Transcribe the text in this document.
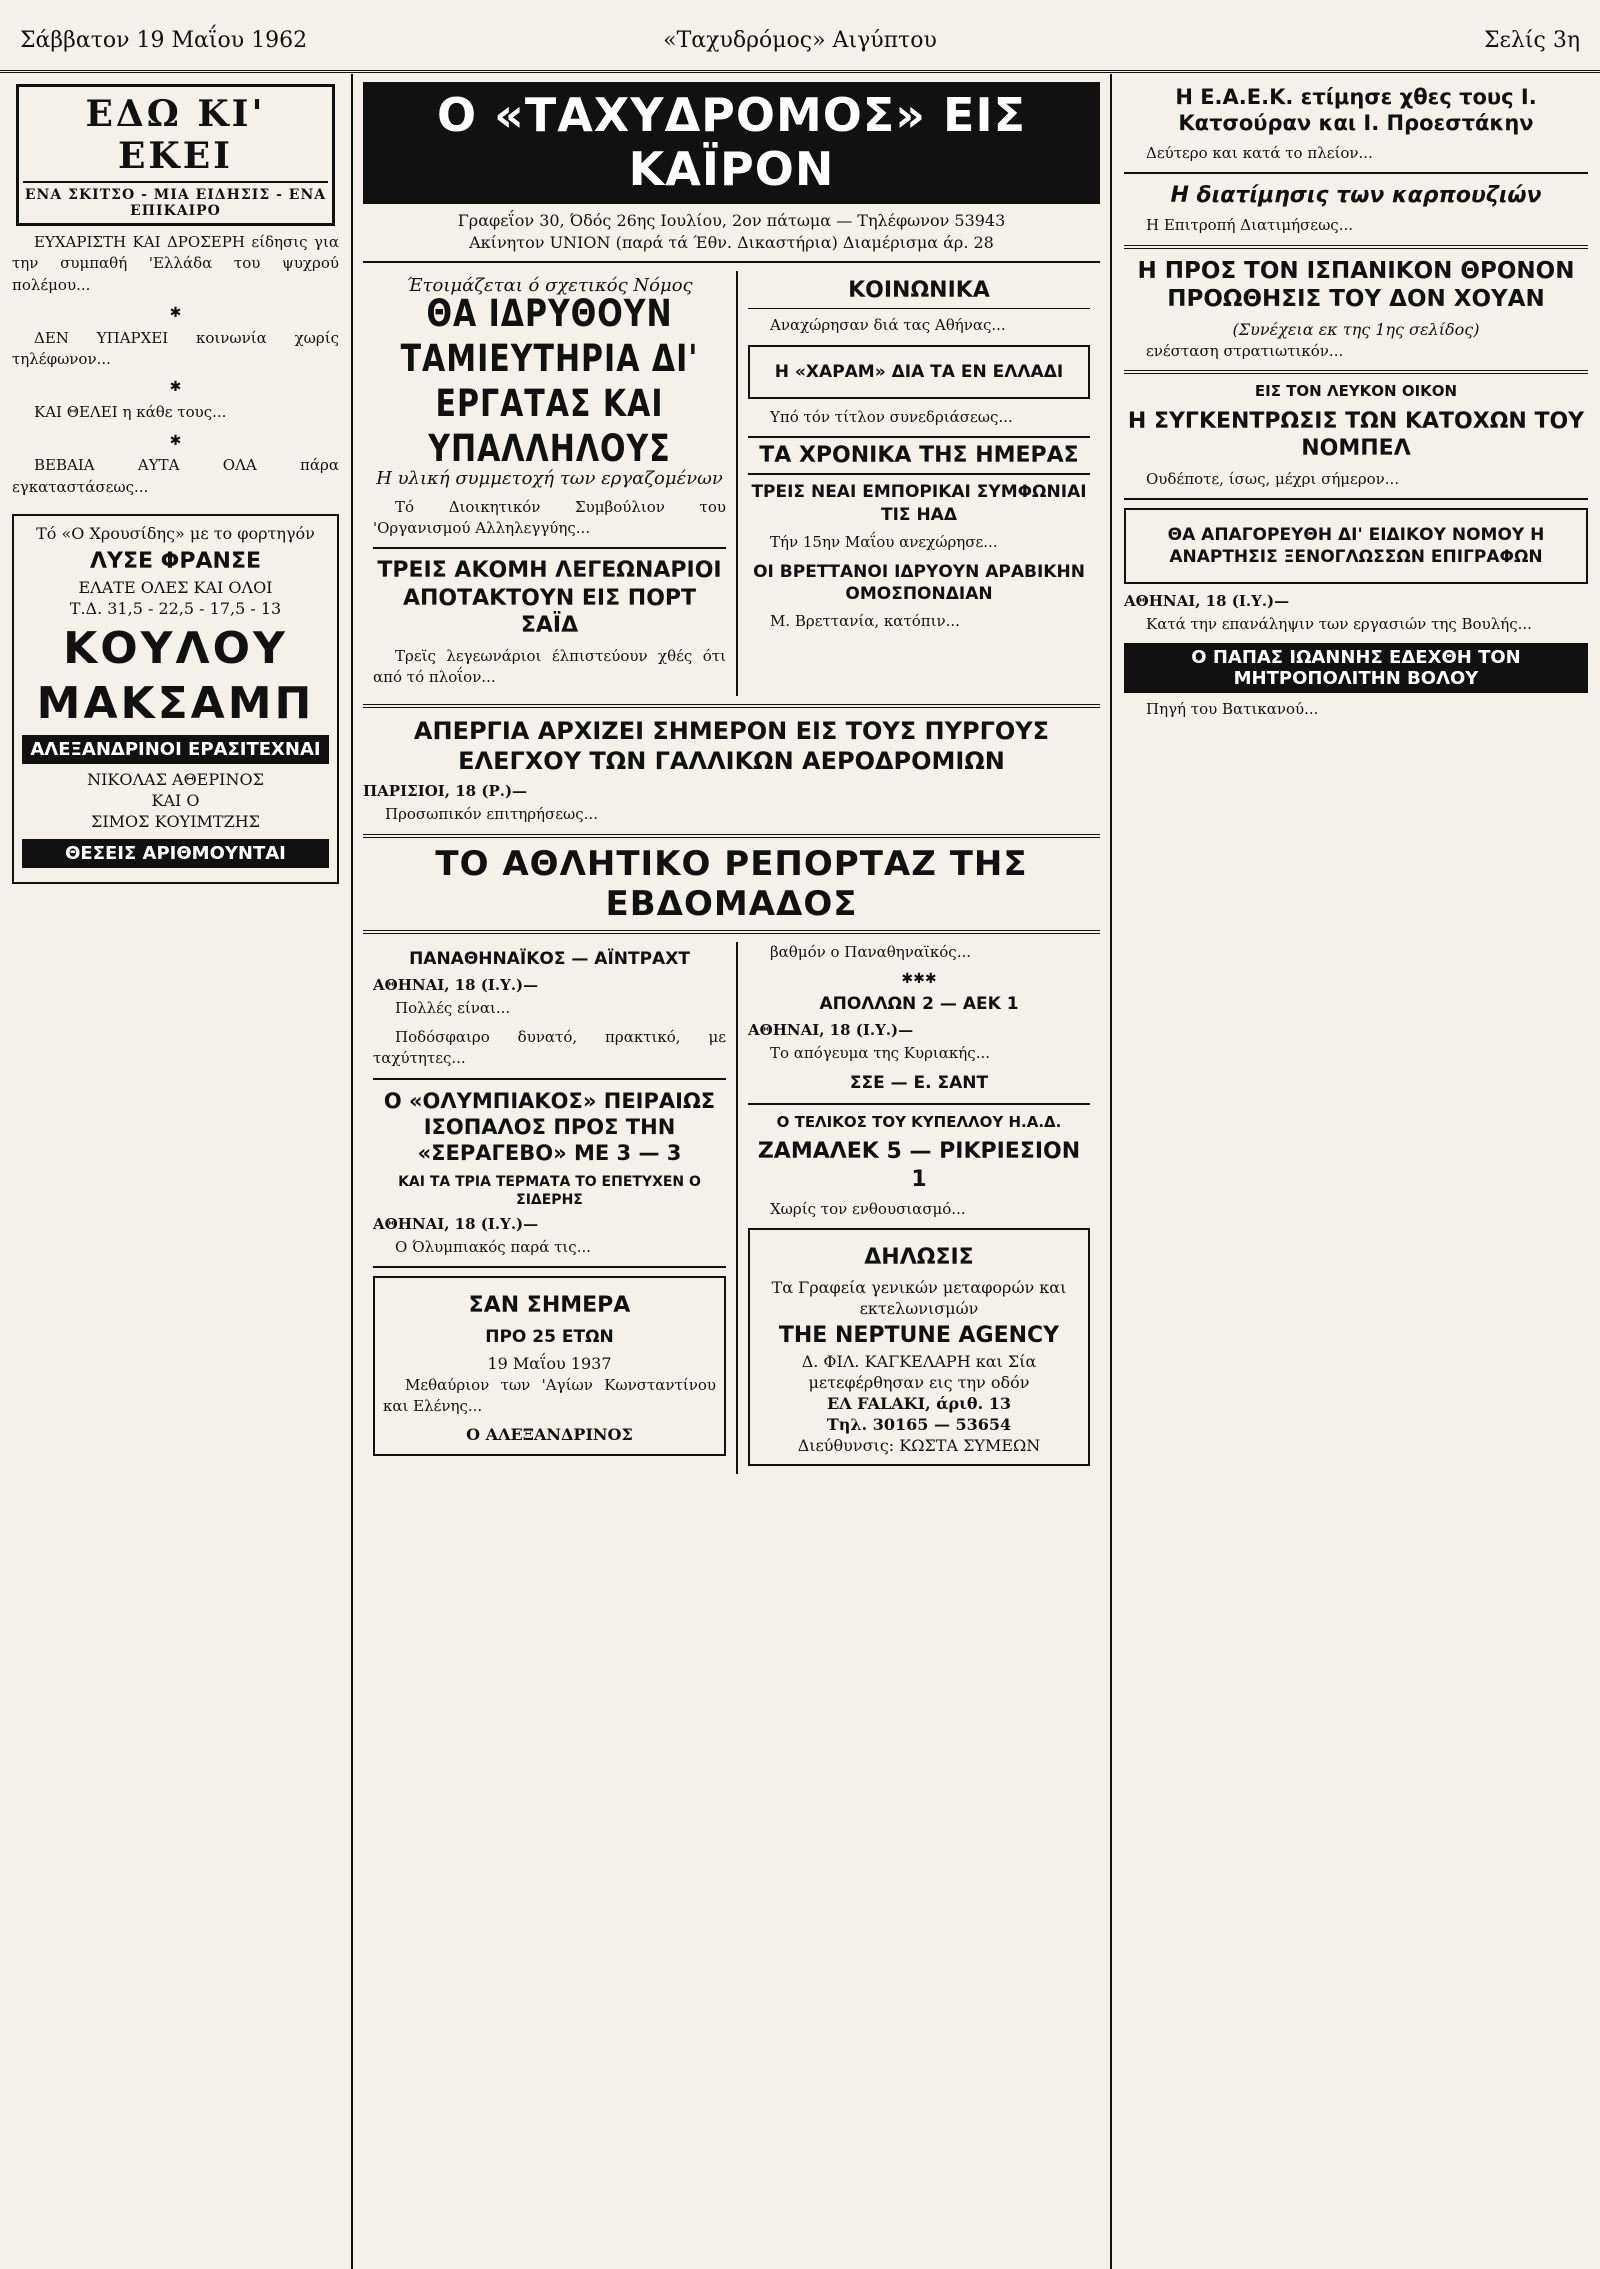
Σάββατον 19 Μαΐου 1962	«Ταχυδρόμος» Αιγύπτου	Σελίς 3η
ΕΔΩ ΚΙ' ΕΚΕΙ
ΕΝΑ ΣΚΙΤΣΟ - ΜΙΑ ΕΙΔΗΣΙΣ - ΕΝΑ ΕΠΙΚΑΙΡΟ

ΕΥΧΑΡΙΣΤΗ ΚΑΙ ΔΡΟΣΕΡΗ είδησις για την συμπαθή 'Ελλάδα του ψυχρού πολέμου...

✱

ΔΕΝ ΥΠΑΡΧΕΙ κοινωνία χωρίς τηλέφωνον...

✱

ΚΑΙ ΘΕΛΕΙ η κάθε τους...

✱

ΒΕΒΑΙΑ ΑΥΤΑ ΟΛΑ πάρα εγκαταστάσεως...

Τό «Ο Χρουσίδης» με το φορτηγόν
ΛΥΣΕ ΦΡΑΝΣΕ
ΕΛΑΤΕ ΟΛΕΣ ΚΑΙ ΟΛΟΙ
Τ.Δ. 31,5 - 22,5 - 17,5 - 13
ΚΟΥΛΟΥ
ΜΑΚΣΑΜΠ
ΑΛΕΞΑΝΔΡΙΝΟΙ ΕΡΑΣΙΤΕΧΝΑΙ
ΝΙΚΟΛΑΣ ΑΘΕΡΙΝΟΣ
ΚΑΙ Ο
ΣΙΜΟΣ ΚΟΥΙΜΤΖΗΣ
ΘΕΣΕΙΣ ΑΡΙΘΜΟΥΝΤΑΙ
Ο «ΤΑΧΥΔΡΟΜΟΣ» ΕΙΣ ΚΑΪΡΟΝ
Γραφεΐον 30, Όδός 26ης Ιουλίου, 2ον πάτωμα — Τηλέφωνον 53943
Ακίνητον UNION (παρά τά Έθν. Δικαστήρια) Διαμέρισμα άρ. 28
Έτοιμάζεται ό σχετικός Νόμος
ΘΑ ΙΔΡΥΘΟΥΝ ΤΑΜΙΕΥΤΗΡΙΑ ΔΙ' ΕΡΓΑΤΑΣ ΚΑΙ ΥΠΑΛΛΗΛΟΥΣ
Η υλική συμμετοχή των εργαζομένων

Τό Διοικητικόν Συμβούλιον του 'Οργανισμού Αλληλεγγύης...

ΤΡΕΙΣ ΑΚΟΜΗ ΛΕΓΕΩΝΑΡΙΟΙ ΑΠΟΤΑΚΤΟΥΝ ΕΙΣ ΠΟΡΤ ΣΑΪΔ

Τρεϊς λεγεωνάριοι έλπιστεύουν χθές ότι από τό πλοΐον...

ΚΟΙΝΩΝΙΚΑ

Αναχώρησαν διά τας Αθήνας...

Η «ΧΑΡΑΜ» ΔΙΑ ΤΑ ΕΝ ΕΛΛΑΔΙ

Υπό τόν τίτλον συνεδριάσεως...

ΤΑ ΧΡΟΝΙΚΑ ΤΗΣ ΗΜΕΡΑΣ
ΤΡΕΙΣ ΝΕΑΙ ΕΜΠΟΡΙΚΑΙ ΣΥΜΦΩΝΙΑΙ ΤΙΣ ΗΑΔ

Τήν 15ην Μαΐου ανεχώρησε...

ΟΙ ΒΡΕΤΤΑΝΟΙ ΙΔΡΥΟΥΝ ΑΡΑΒΙΚΗΝ ΟΜΟΣΠΟΝΔΙΑΝ

Μ. Βρεττανία, κατόπιν...

ΑΠΕΡΓΙΑ ΑΡΧΙΖΕΙ ΣΗΜΕΡΟΝ ΕΙΣ ΤΟΥΣ ΠΥΡΓΟΥΣ ΕΛΕΓΧΟΥ ΤΩΝ ΓΑΛΛΙΚΩΝ ΑΕΡΟΔΡΟΜΙΩΝ
ΠΑΡΙΣΙΟΙ, 18 (Ρ.)—

Προσωπικόν επιτηρήσεως...

ΤΟ ΑΘΛΗΤΙΚΟ ΡΕΠΟΡΤΑΖ ΤΗΣ ΕΒΔΟΜΑΔΟΣ
ΠΑΝΑΘΗΝΑΪΚΟΣ — ΑΪΝΤΡΑΧΤ
ΑΘΗΝΑΙ, 18 (Ι.Υ.)—

Πολλές είναι...

Ποδόσφαιρο δυνατό, πρακτικό, με ταχύτητες...

Ο «ΟΛΥΜΠΙΑΚΟΣ» ΠΕΙΡΑΙΩΣ ΙΣΟΠΑΛΟΣ ΠΡΟΣ ΤΗΝ «ΣΕΡΑΓΕΒΟ» ΜΕ 3 — 3
ΚΑΙ ΤΑ ΤΡΙΑ ΤΕΡΜΑΤΑ ΤΟ ΕΠΕΤΥΧΕΝ Ο ΣΙΔΕΡΗΣ
ΑΘΗΝΑΙ, 18 (Ι.Υ.)—

Ο Όλυμπιακός παρά τις...

ΣΑΝ ΣΗΜΕΡΑ
ΠΡΟ 25 ΕΤΩΝ
19 Μαΐου 1937

Μεθαύριον των 'Αγίων Κωνσταντίνου και Ελένης...

Ο ΑΛΕΞΑΝΔΡΙΝΟΣ

βαθμόν ο Παναθηναϊκός...

✱✱✱
ΑΠΟΛΛΩΝ 2 — ΑΕΚ 1
ΑΘΗΝΑΙ, 18 (Ι.Υ.)—

Το απόγευμα της Κυριακής...

ΣΣΕ — Ε. ΣΑΝΤ
Ο ΤΕΛΙΚΟΣ ΤΟΥ ΚΥΠΕΛΛΟΥ Η.Α.Δ.
ΖΑΜΑΛΕΚ 5 — ΡΙΚΡΙΕΣΙΟΝ 1

Χωρίς τον ενθουσιασμό...

ΔΗΛΩΣΙΣ
Τα Γραφεία γενικών μεταφορών και εκτελωνισμών
THE NEPTUNE AGENCY
Δ. ΦΙΛ. ΚΑΓΚΕΛΑΡΗ και Σία
μετεφέρθησαν εις την οδόν
ΕΛ FALAKI, άριθ. 13
Τηλ. 30165 — 53654
Διεύθυνσις: ΚΩΣΤΑ ΣΥΜΕΩΝ
Η Ε.Α.Ε.Κ. ετίμησε χθες τους Ι. Κατσούραν και Ι. Προεστάκην

Δεύτερο και κατά το πλείον...

Η διατίμησις των καρπουζιών

Η Επιτροπή Διατιμήσεως...

Η ΠΡΟΣ ΤΟΝ ΙΣΠΑΝΙΚΟΝ ΘΡΟΝΟΝ ΠΡΟΩΘΗΣΙΣ ΤΟΥ ΔΟΝ ΧΟΥΑΝ
(Συνέχεια εκ της 1ης σελίδος)

ενέσταση στρατιωτικόν...

ΕΙΣ ΤΟΝ ΛΕΥΚΟΝ ΟΙΚΟΝ
Η ΣΥΓΚΕΝΤΡΩΣΙΣ ΤΩΝ ΚΑΤΟΧΩΝ ΤΟΥ ΝΟΜΠΕΛ

Ουδέποτε, ίσως, μέχρι σήμερον...

ΘΑ ΑΠΑΓΟΡΕΥΘΗ ΔΙ' ΕΙΔΙΚΟΥ ΝΟΜΟΥ Η ΑΝΑΡΤΗΣΙΣ ΞΕΝΟΓΛΩΣΣΩΝ ΕΠΙΓΡΑΦΩΝ
ΑΘΗΝΑΙ, 18 (Ι.Υ.)—

Κατά την επανάληψιν των εργασιών της Βουλής...

Ο ΠΑΠΑΣ ΙΩΑΝΝΗΣ ΕΔΕΧΘΗ ΤΟΝ ΜΗΤΡΟΠΟΛΙΤΗΝ ΒΟΛΟΥ

Πηγή του Βατικανού...
